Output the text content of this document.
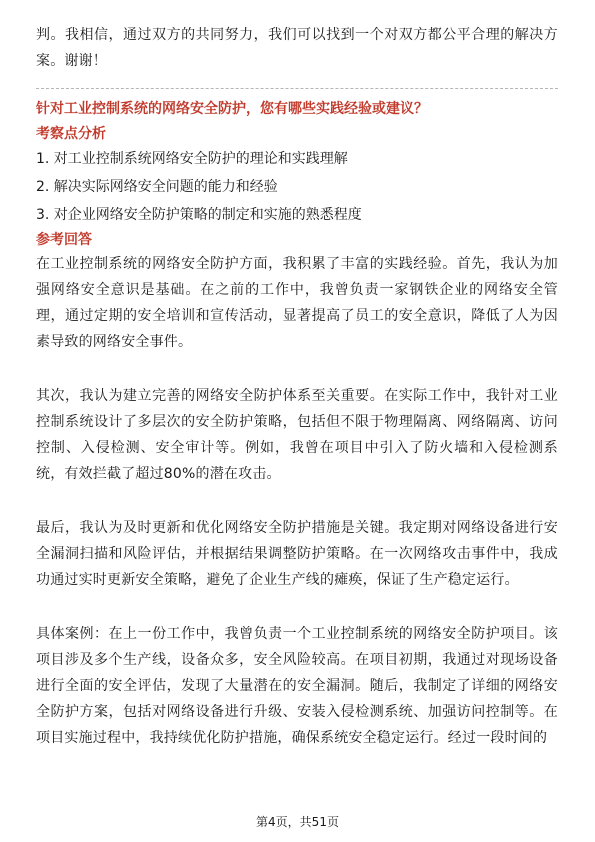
判。我相信，通过双方的共同努力，我们可以找到一个对双方都公平合理的解决方案。谢谢！

针对工业控制系统的网络安全防护，您有哪些实践经验或建议？
考察点分析
1. 对工业控制系统网络安全防护的理论和实践理解
2. 解决实际网络安全问题的能力和经验
3. 对企业网络安全防护策略的制定和实施的熟悉程度
参考回答

在工业控制系统的网络安全防护方面，我积累了丰富的实践经验。首先，我认为加强网络安全意识是基础。在之前的工作中，我曾负责一家钢铁企业的网络安全管理，通过定期的安全培训和宣传活动，显著提高了员工的安全意识，降低了人为因素导致的网络安全事件。

其次，我认为建立完善的网络安全防护体系至关重要。在实际工作中，我针对工业控制系统设计了多层次的安全防护策略，包括但不限于物理隔离、网络隔离、访问控制、入侵检测、安全审计等。例如，我曾在项目中引入了防火墙和入侵检测系统，有效拦截了超过80%的潜在攻击。

最后，我认为及时更新和优化网络安全防护措施是关键。我定期对网络设备进行安全漏洞扫描和风险评估，并根据结果调整防护策略。在一次网络攻击事件中，我成功通过实时更新安全策略，避免了企业生产线的瘫痪，保证了生产稳定运行。

具体案例：在上一份工作中，我曾负责一个工业控制系统的网络安全防护项目。该项目涉及多个生产线，设备众多，安全风险较高。在项目初期，我通过对现场设备进行全面的安全评估，发现了大量潜在的安全漏洞。随后，我制定了详细的网络安全防护方案，包括对网络设备进行升级、安装入侵检测系统、加强访问控制等。在项目实施过程中，我持续优化防护措施，确保系统安全稳定运行。经过一段时间的

第4页，共51页
